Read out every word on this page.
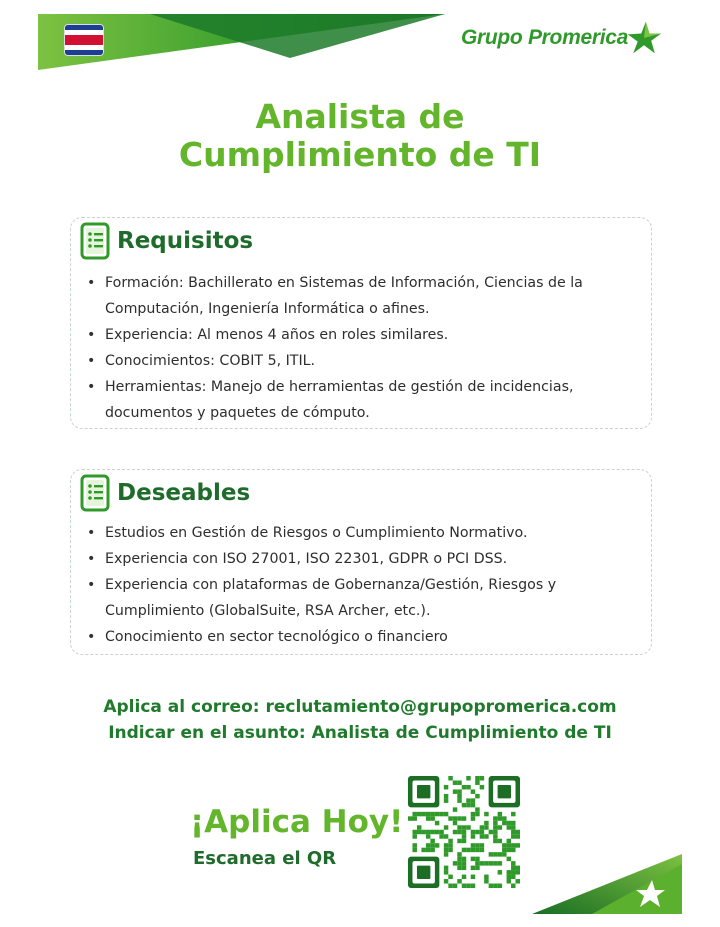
Grupo Promerica
Analista de
Cumplimiento de TI
Requisitos
• Formación: Bachillerato en Sistemas de Información, Ciencias de la Computación, Ingeniería Informática o afines.
• Experiencia: Al menos 4 años en roles similares.
• Conocimientos: COBIT 5, ITIL.
• Herramientas: Manejo de herramientas de gestión de incidencias, documentos y paquetes de cómputo.
Deseables
• Estudios en Gestión de Riesgos o Cumplimiento Normativo.
• Experiencia con ISO 27001, ISO 22301, GDPR o PCI DSS.
• Experiencia con plataformas de Gobernanza/Gestión, Riesgos y Cumplimiento (GlobalSuite, RSA Archer, etc.).
• Conocimiento en sector tecnológico o financiero
Aplica al correo: reclutamiento@grupopromerica.com
Indicar en el asunto: Analista de Cumplimiento de TI
¡Aplica Hoy!
Escanea el QR
